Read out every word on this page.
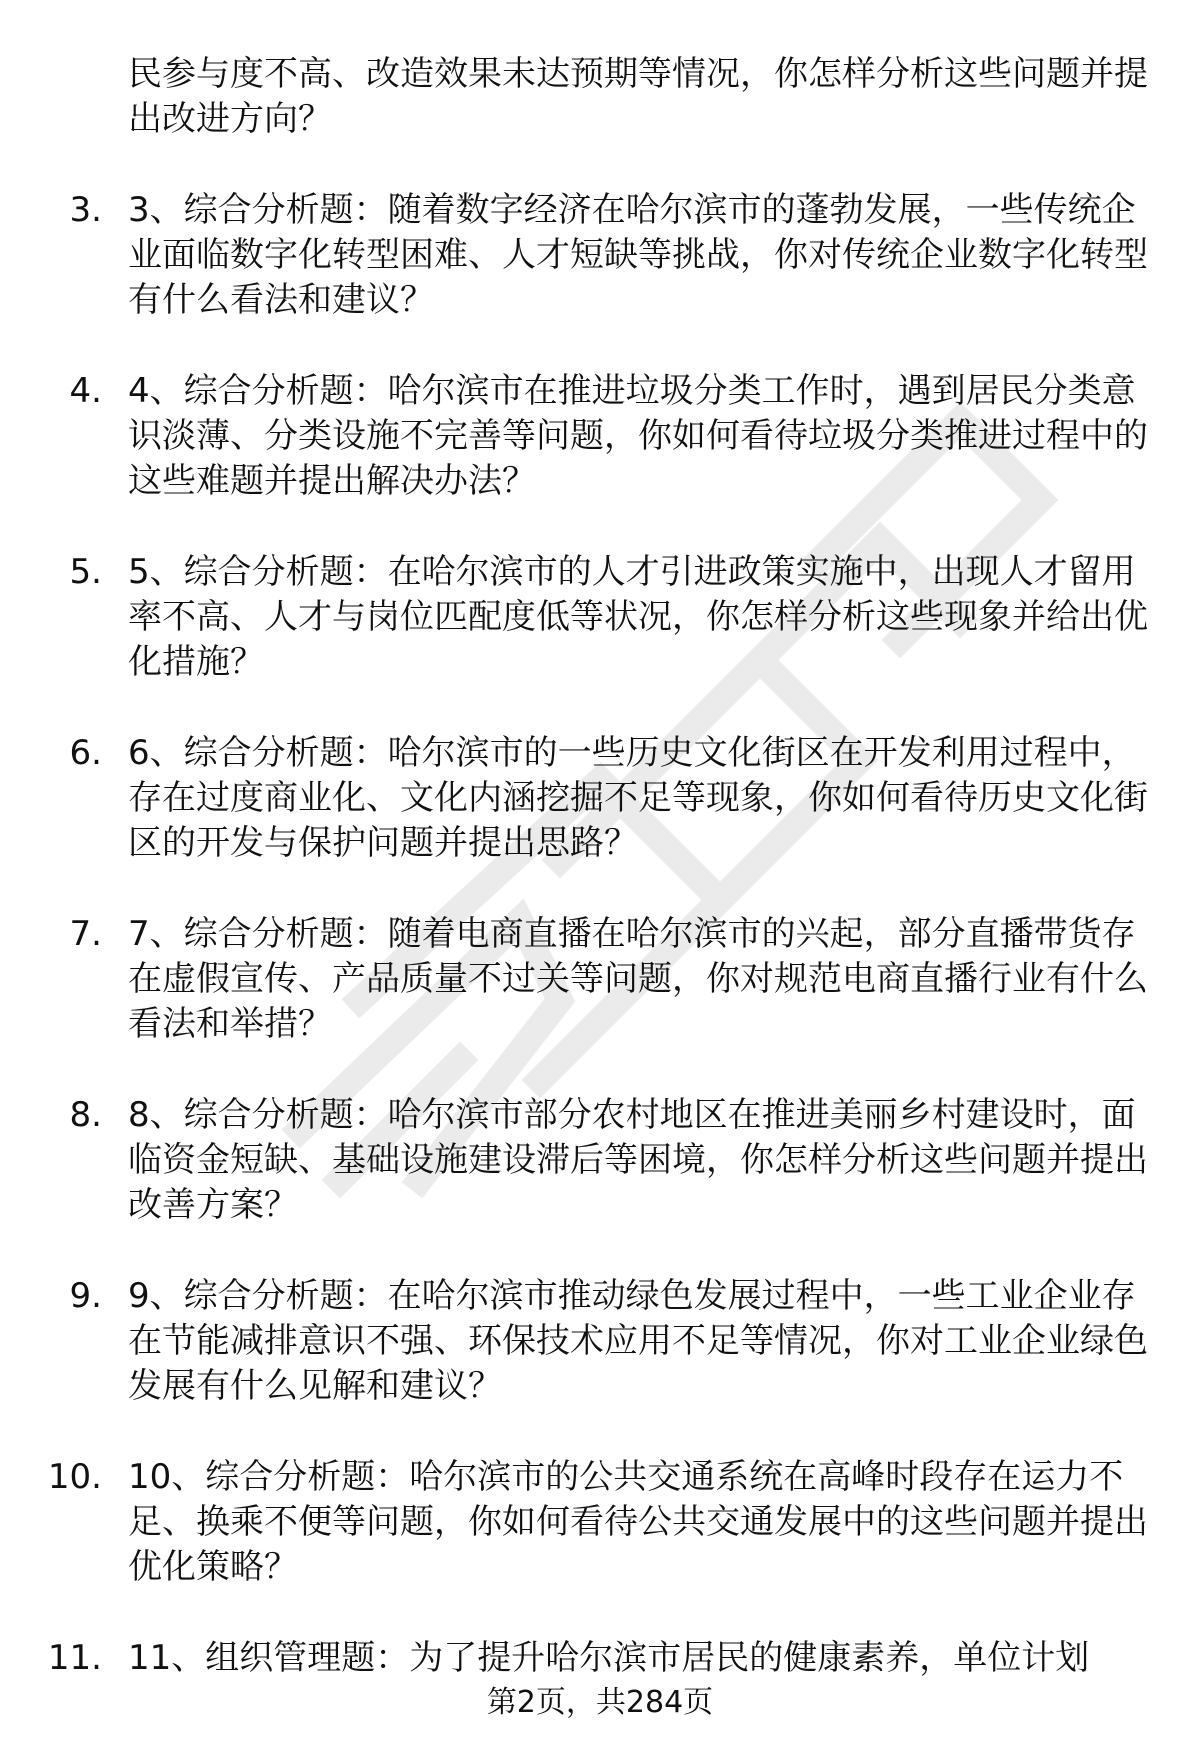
民参与度不高、改造效果未达预期等情况，你怎样分析这些问题并提出改进方向？
3. 3、综合分析题：随着数字经济在哈尔滨市的蓬勃发展，一些传统企业面临数字化转型困难、人才短缺等挑战，你对传统企业数字化转型有什么看法和建议？
4. 4、综合分析题：哈尔滨市在推进垃圾分类工作时，遇到居民分类意识淡薄、分类设施不完善等问题，你如何看待垃圾分类推进过程中的这些难题并提出解决办法？
5. 5、综合分析题：在哈尔滨市的人才引进政策实施中，出现人才留用率不高、人才与岗位匹配度低等状况，你怎样分析这些现象并给出优化措施？
6. 6、综合分析题：哈尔滨市的一些历史文化街区在开发利用过程中，存在过度商业化、文化内涵挖掘不足等现象，你如何看待历史文化街区的开发与保护问题并提出思路？
7. 7、综合分析题：随着电商直播在哈尔滨市的兴起，部分直播带货存在虚假宣传、产品质量不过关等问题，你对规范电商直播行业有什么看法和举措？
8. 8、综合分析题：哈尔滨市部分农村地区在推进美丽乡村建设时，面临资金短缺、基础设施建设滞后等困境，你怎样分析这些问题并提出改善方案？
9. 9、综合分析题：在哈尔滨市推动绿色发展过程中，一些工业企业存在节能减排意识不强、环保技术应用不足等情况，你对工业企业绿色发展有什么见解和建议？
10. 10、综合分析题：哈尔滨市的公共交通系统在高峰时段存在运力不足、换乘不便等问题，你如何看待公共交通发展中的这些问题并提出优化策略？
11. 11、组织管理题：为了提升哈尔滨市居民的健康素养，单位计划
第2页，共284页
